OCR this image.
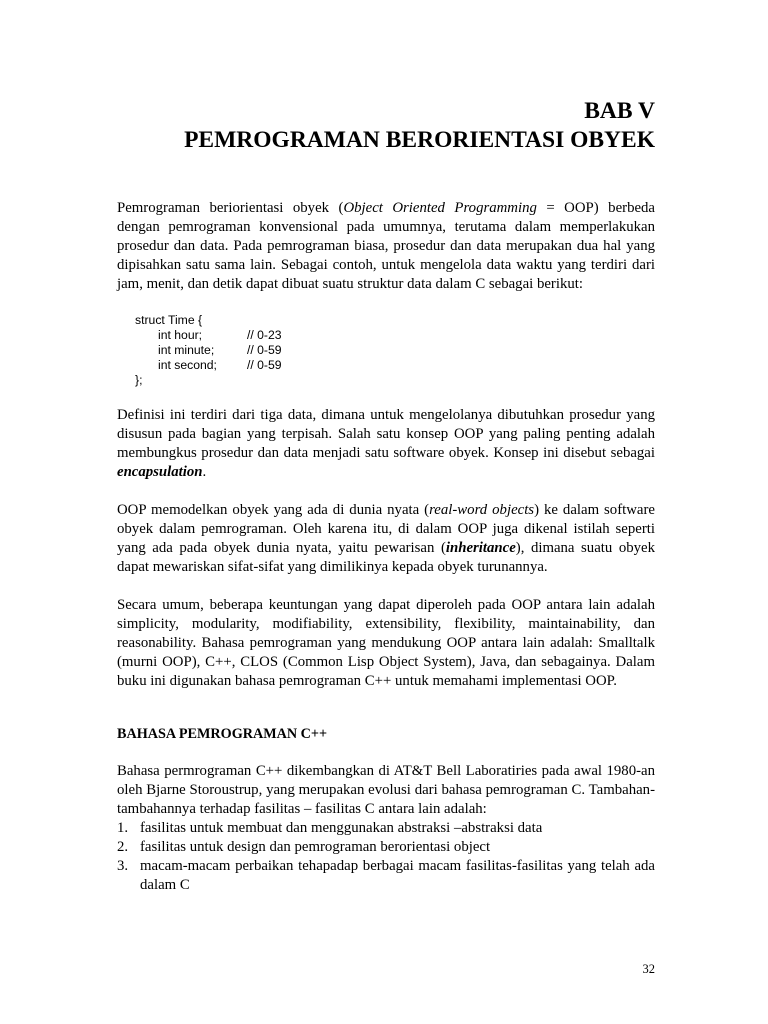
BAB V
PEMROGRAMAN BERORIENTASI OBYEK

Pemrograman beriorientasi obyek (Object Oriented Programming = OOP) berbeda dengan pemrograman konvensional pada umumnya, terutama dalam memperlakukan prosedur dan data. Pada pemrograman biasa, prosedur dan data merupakan dua hal yang dipisahkan satu sama lain. Sebagai contoh, untuk mengelola data waktu yang terdiri dari jam, menit, dan detik dapat dibuat suatu struktur data dalam C sebagai berikut:

struct Time {
int hour;	// 0-23
int minute;	// 0-59
int second; // 0-59
};

Definisi ini terdiri dari tiga data, dimana untuk mengelolanya dibutuhkan prosedur yang disusun pada bagian yang terpisah. Salah satu konsep OOP yang paling penting adalah membungkus prosedur dan data menjadi satu software obyek. Konsep ini disebut sebagai encapsulation.

OOP memodelkan obyek yang ada di dunia nyata (real-word objects) ke dalam software obyek dalam pemrograman. Oleh karena itu, di dalam OOP juga dikenal istilah seperti yang ada pada obyek dunia nyata, yaitu pewarisan (inheritance), dimana suatu obyek dapat mewariskan sifat-sifat yang dimilikinya kepada obyek turunannya.

Secara umum, beberapa keuntungan yang dapat diperoleh pada OOP antara lain adalah simplicity, modularity, modifiability, extensibility, flexibility, maintainability, dan reasonability. Bahasa pemrograman yang mendukung OOP antara lain adalah: Smalltalk (murni OOP), C++, CLOS (Common Lisp Object System), Java, dan sebagainya. Dalam buku ini digunakan bahasa pemrograman C++ untuk memahami implementasi OOP.

BAHASA PEMROGRAMAN C++

Bahasa permrograman C++ dikembangkan di AT&T Bell Laboratiries pada awal 1980-an oleh Bjarne Storoustrup, yang merupakan evolusi dari bahasa pemrograman C. Tambahan-tambahannya terhadap fasilitas – fasilitas C antara lain adalah:

1. fasilitas untuk membuat dan menggunakan abstraksi –abstraksi data
2. fasilitas untuk design dan pemrograman berorientasi object
3. macam-macam perbaikan tehapadap berbagai macam fasilitas-fasilitas yang telah ada dalam C
32
